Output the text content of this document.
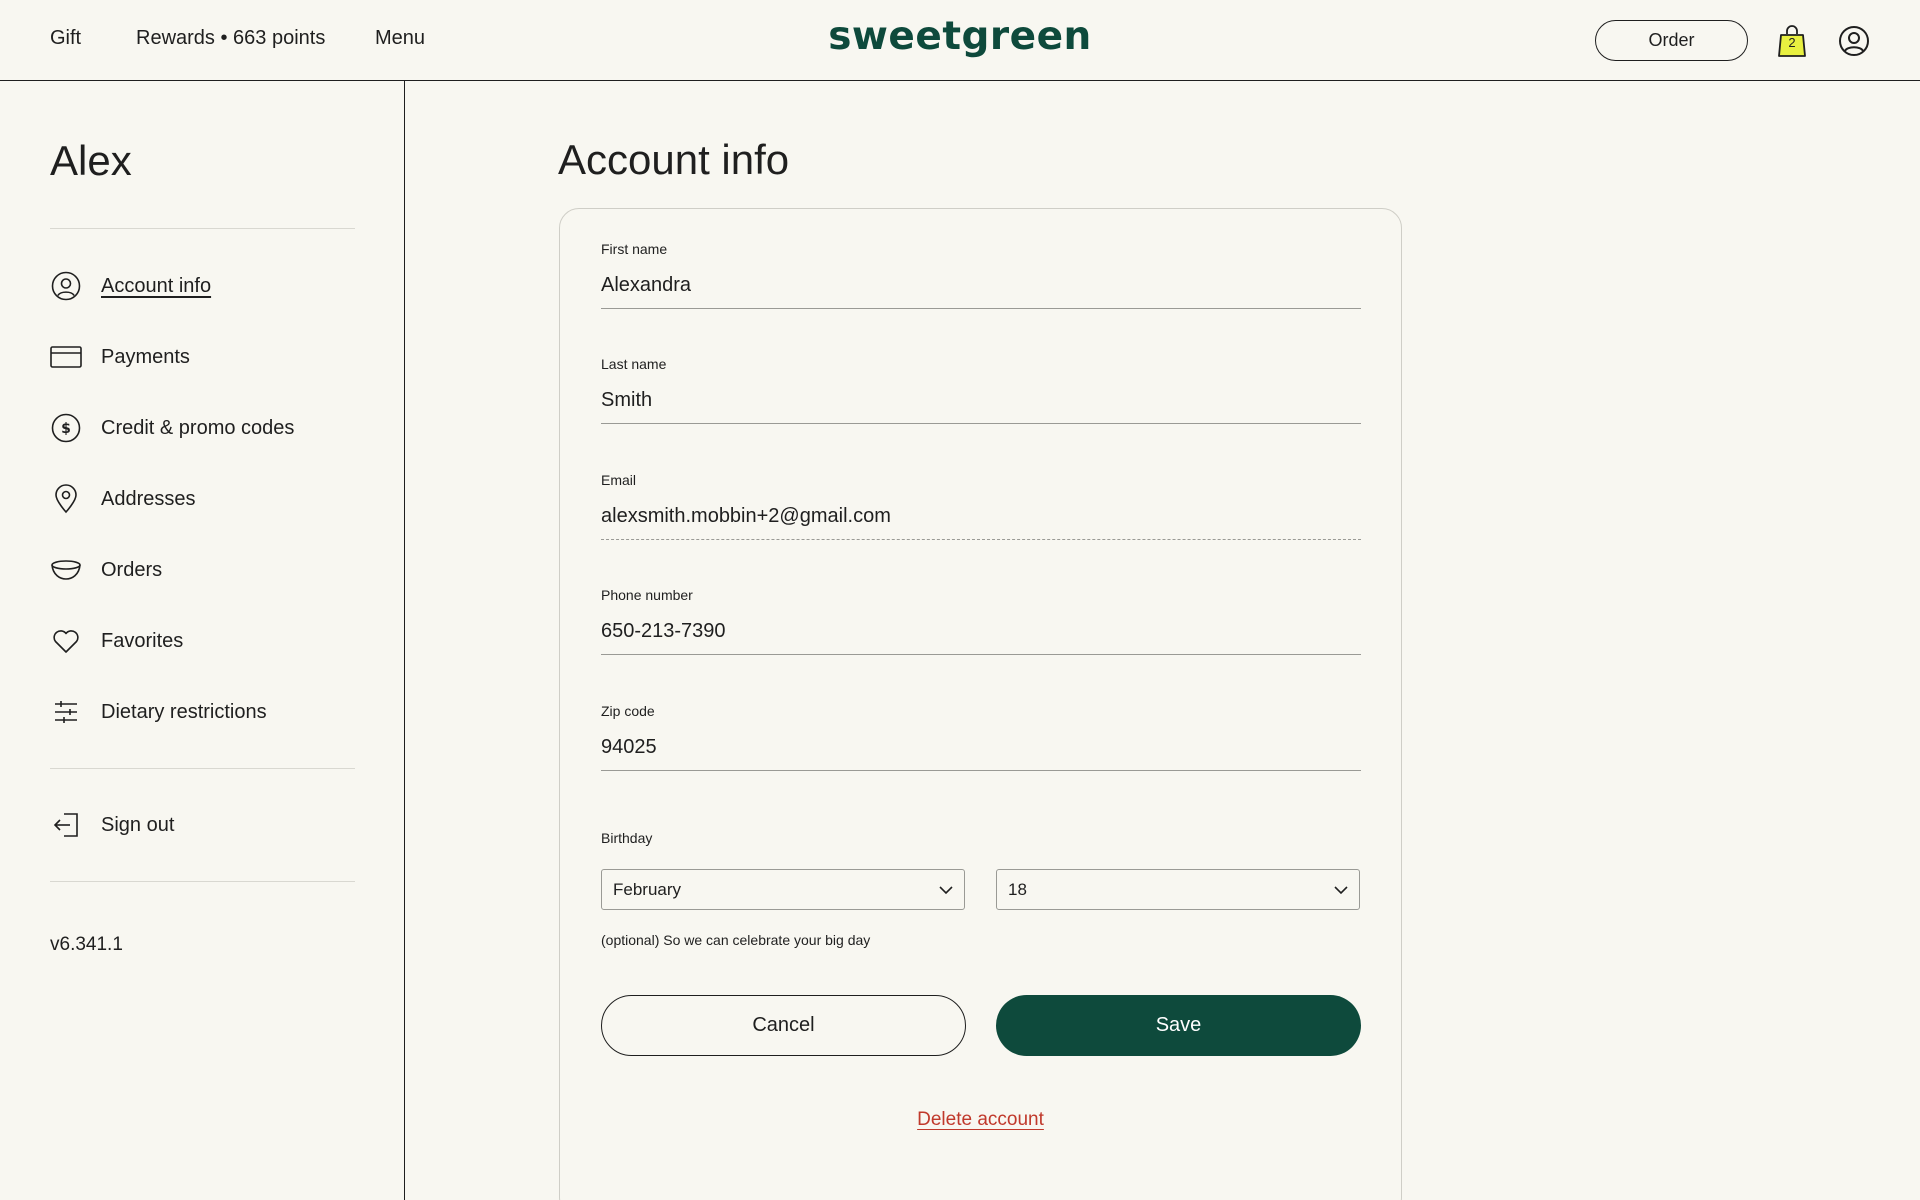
Gift	Rewards • 663 points Menu	sweetgreen	Order	2
Alex
Account info
Payments
$ Credit & promo codes
Addresses
Orders
Favorites
Dietary restrictions
Sign out
v6.341.1
Account info
First name
Alexandra
Last name
Smith
Email
alexsmith.mobbin+2@gmail.com
Phone number
650-213-7390
Zip code
94025
Birthday
February	18
(optional) So we can celebrate your big day
Cancel	Save
Delete account
